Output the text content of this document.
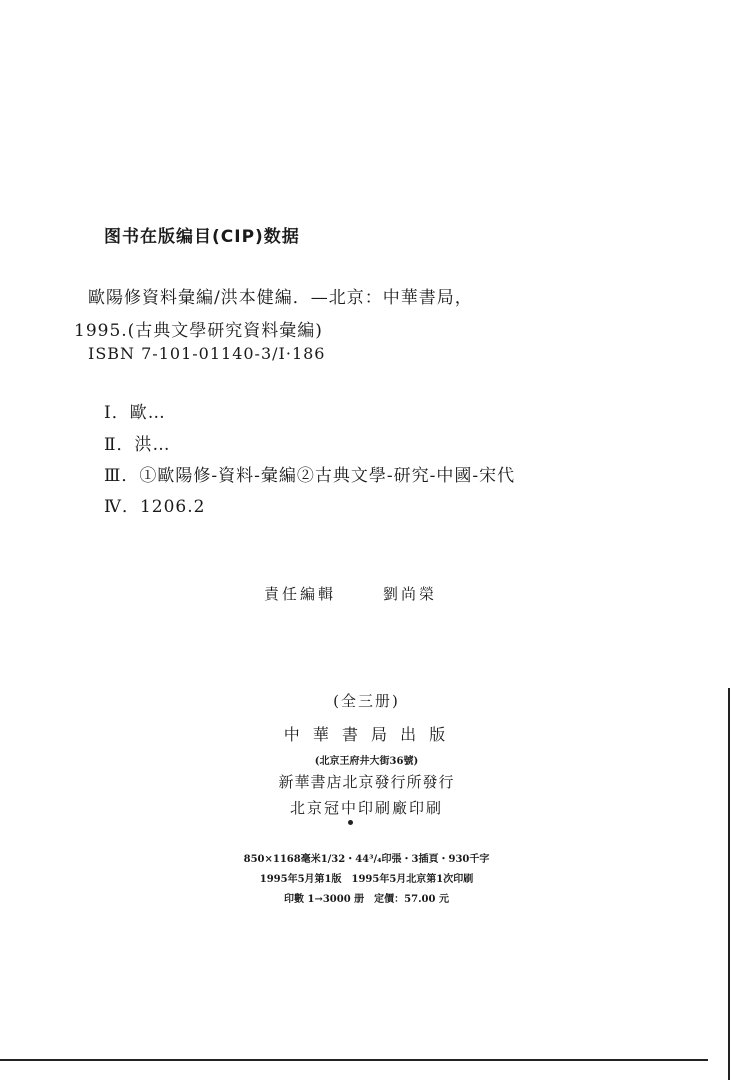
图书在版编目(CIP)数据
歐陽修資料彙編/洪本健編．—北京：中華書局，
1995.(古典文學研究資料彙編)
ISBN 7-101-01140-3/I·186
Ⅰ．歐…
Ⅱ．洪…
Ⅲ．①歐陽修-資料-彙編②古典文學-研究-中國-宋代
Ⅳ．1206.2
責任編輯	劉尚榮
(全三册)
中 華 書 局 出 版
(北京王府井大街36號)
新華書店北京發行所發行
北京冠中印刷廠印刷
850×1168毫米1/32・44³/₄印張・3插頁・930千字
1995年5月第1版　1995年5月北京第1次印刷
印數 1→3000 册　定價：57.00 元
